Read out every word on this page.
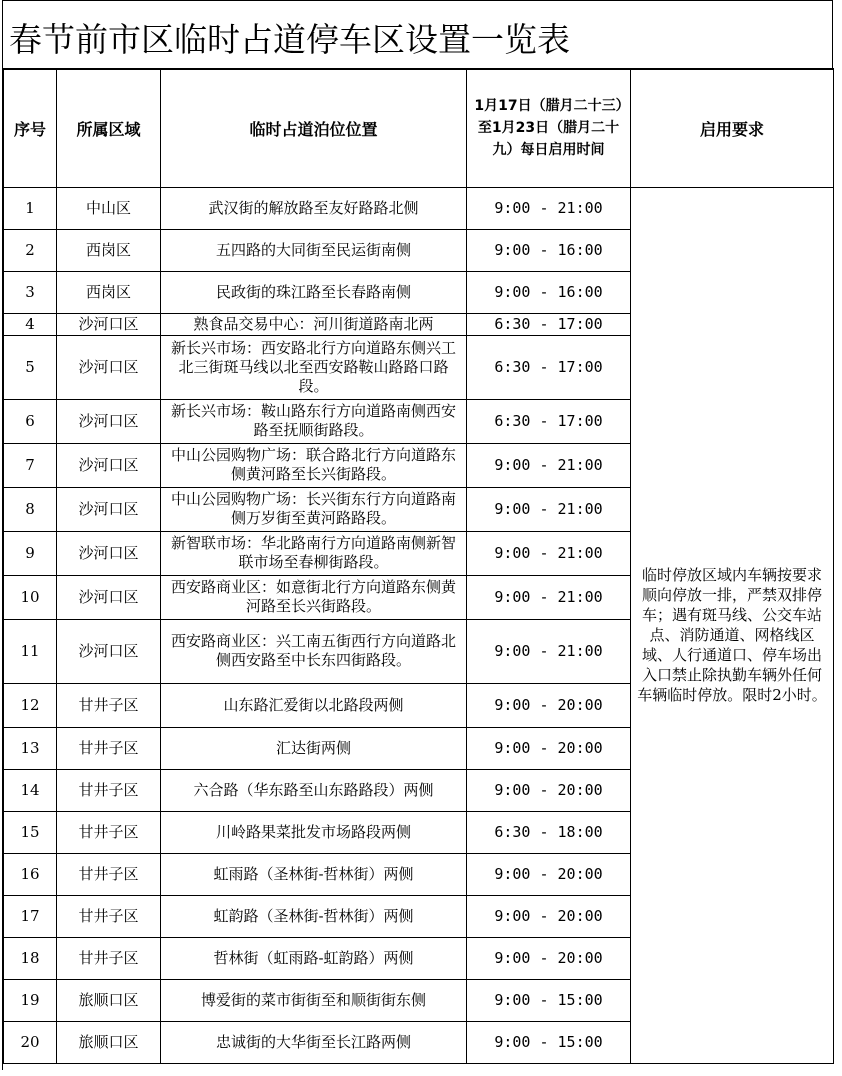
春节前市区临时占道停车区设置一览表
序号	所属区域	临时占道泊位位置	1月17日（腊月二十三）至1月23日（腊月二十九）每日启用时间	启用要求
1	中山区	武汉街的解放路至友好路路北侧	9:00 - 21:00	临时停放区域内车辆按要求顺向停放一排，严禁双排停车；遇有斑马线、公交车站点、消防通道、网格线区域、人行通道口、停车场出入口禁止除执勤车辆外任何车辆临时停放。限时2小时。
2	西岗区	五四路的大同街至民运街南侧	9:00 - 16:00	
3	西岗区	民政街的珠江路至长春路南侧	9:00 - 16:00	
4	沙河口区	熟食品交易中心：河川街道路南北两	6:30 - 17:00	
5	沙河口区	新长兴市场：西安路北行方向道路东侧兴工北三街斑马线以北至西安路鞍山路路口路段。	6:30 - 17:00	
6	沙河口区	新长兴市场：鞍山路东行方向道路南侧西安路至抚顺街路段。	6:30 - 17:00	
7	沙河口区	中山公园购物广场：联合路北行方向道路东侧黄河路至长兴街路段。	9:00 - 21:00	
8	沙河口区	中山公园购物广场：长兴街东行方向道路南侧万岁街至黄河路路段。	9:00 - 21:00	
9	沙河口区	新智联市场：华北路南行方向道路南侧新智联市场至春柳街路段。	9:00 - 21:00	
10	沙河口区	西安路商业区：如意街北行方向道路东侧黄河路至长兴街路段。	9:00 - 21:00	
11	沙河口区	西安路商业区：兴工南五街西行方向道路北侧西安路至中长东四街路段。	9:00 - 21:00	
12	甘井子区	山东路汇爱街以北路段两侧	9:00 - 20:00	
13	甘井子区	汇达街两侧	9:00 - 20:00	
14	甘井子区	六合路（华东路至山东路路段）两侧	9:00 - 20:00	
15	甘井子区	川岭路果菜批发市场路段两侧	6:30 - 18:00	
16	甘井子区	虹雨路（圣林街-哲林街）两侧	9:00 - 20:00	
17	甘井子区	虹韵路（圣林街-哲林街）两侧	9:00 - 20:00	
18	甘井子区	哲林街（虹雨路-虹韵路）两侧	9:00 - 20:00	
19	旅顺口区	博爱街的菜市街街至和顺街街东侧	9:00 - 15:00	
20	旅顺口区	忠诚街的大华街至长江路两侧	9:00 - 15:00	
